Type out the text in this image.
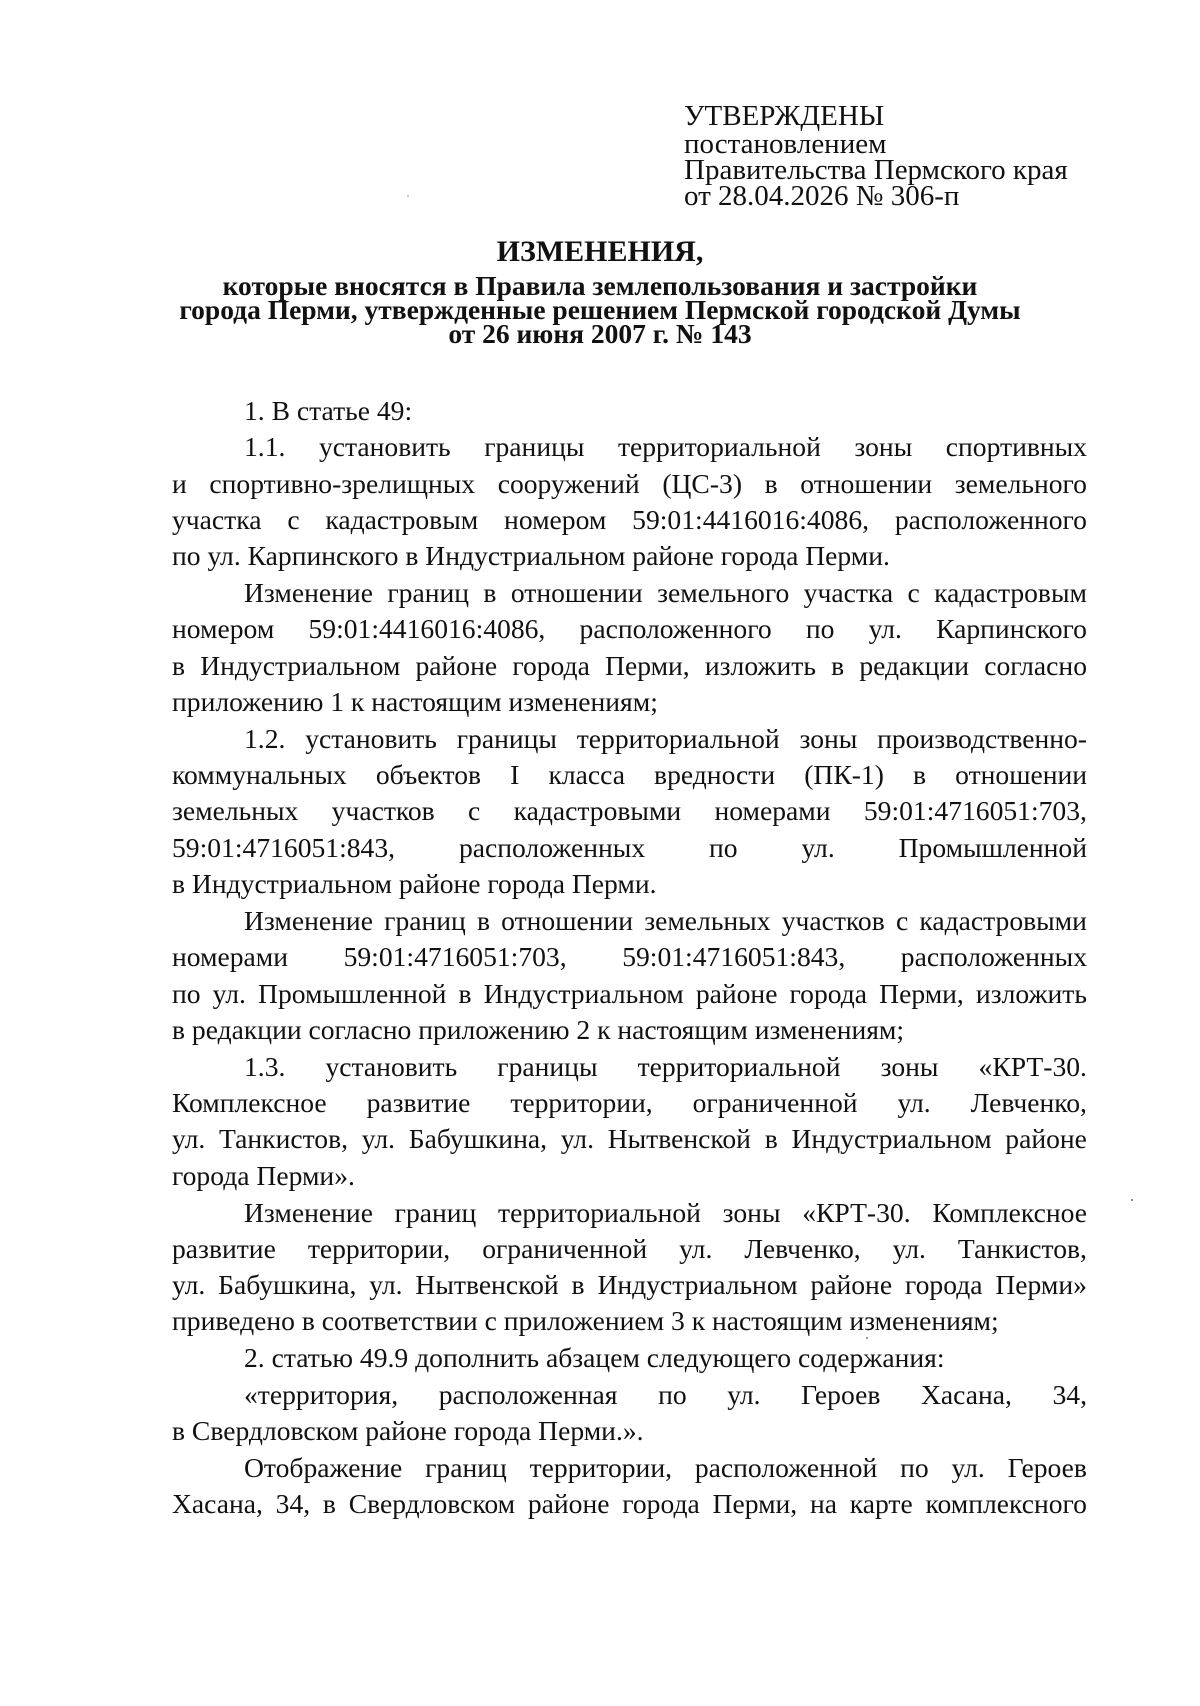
УТВЕРЖДЕНЫ
постановлением
Правительства Пермского края
от 28.04.2026 № 306-п
ИЗМЕНЕНИЯ,
которые вносятся в Правила землепользования и застройки
города Перми, утвержденные решением Пермской городской Думы
от 26 июня 2007 г. № 143
1. В статье 49:
1.1. установить границы территориальной зоны спортивных
и спортивно-зрелищных сооружений (ЦС-3) в отношении земельного
участка с кадастровым номером 59:01:4416016:4086, расположенного
по ул. Карпинского в Индустриальном районе города Перми.
Изменение границ в отношении земельного участка с кадастровым
номером 59:01:4416016:4086, расположенного по ул. Карпинского
в Индустриальном районе города Перми, изложить в редакции согласно
приложению 1 к настоящим изменениям;
1.2. установить границы территориальной зоны производственно-
коммунальных объектов I класса вредности (ПК-1) в отношении
земельных участков с кадастровыми номерами 59:01:4716051:703,
59:01:4716051:843, расположенных по ул. Промышленной
в Индустриальном районе города Перми.
Изменение границ в отношении земельных участков с кадастровыми
номерами 59:01:4716051:703, 59:01:4716051:843, расположенных
по ул. Промышленной в Индустриальном районе города Перми, изложить
в редакции согласно приложению 2 к настоящим изменениям;
1.3. установить границы территориальной зоны «КРТ-30.
Комплексное развитие территории, ограниченной ул. Левченко,
ул. Танкистов, ул. Бабушкина, ул. Нытвенской в Индустриальном районе
города Перми».
Изменение границ территориальной зоны «КРТ-30. Комплексное
развитие территории, ограниченной ул. Левченко, ул. Танкистов,
ул. Бабушкина, ул. Нытвенской в Индустриальном районе города Перми»
приведено в соответствии с приложением 3 к настоящим изменениям;
2. статью 49.9 дополнить абзацем следующего содержания:
«территория, расположенная по ул. Героев Хасана, 34,
в Свердловском районе города Перми.».
Отображение границ территории, расположенной по ул. Героев
Хасана, 34, в Свердловском районе города Перми, на карте комплексного
